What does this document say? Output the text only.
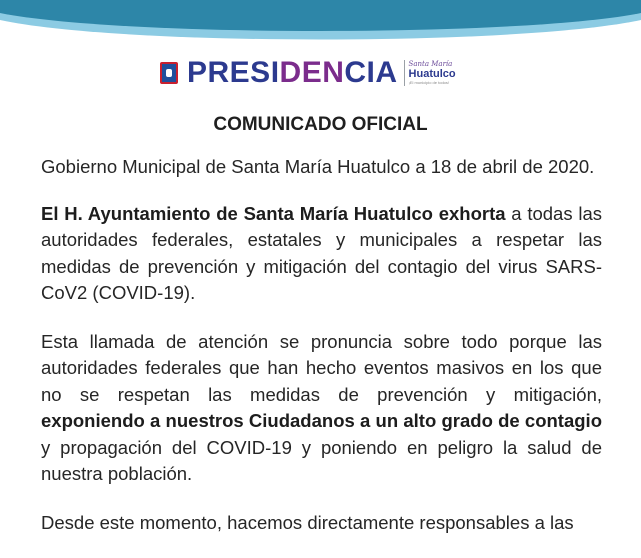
PRESIDENCIA Santa María
Huatulco
¡El municipio de todos!
COMUNICADO OFICIAL

Gobierno Municipal de Santa María Huatulco a 18 de abril de 2020.

El H. Ayuntamiento de Santa María Huatulco exhorta a todas las autoridades federales, estatales y municipales a respetar las medidas de prevención y mitigación del contagio del virus SARS-CoV2 (COVID-19).

Esta llamada de atención se pronuncia sobre todo porque las autoridades federales que han hecho eventos masivos en los que no se respetan las medidas de prevención y mitigación, exponiendo a nuestros Ciudadanos a un alto grado de contagio y propagación del COVID-19 y poniendo en peligro la salud de nuestra población.

Desde este momento, hacemos directamente responsables a las
